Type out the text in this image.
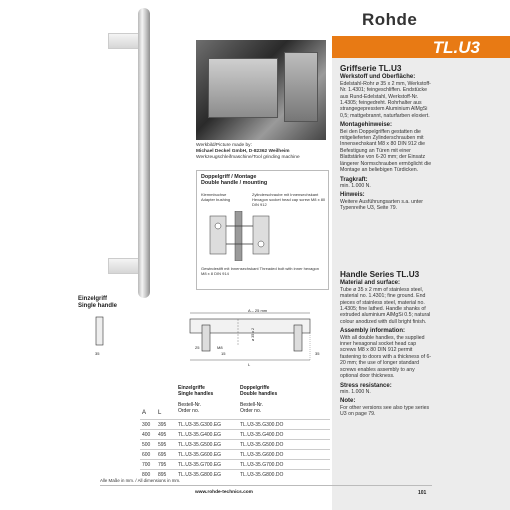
Werkbild/Picture made by:
Michael Deckel GmbH, D-82362 Weilheim
Werkzeugschleifmaschine/Tool grinding machine
Doppelgriff / Montage
Double handle / mounting
Klemmbuchse Adapter bushing
Zylinderschraube mit Innensechskant Hexagon socket head cap screw M8 x 80 DIN 912
Gewindestift mit Innensechskant Threaded bolt with inner hexagon M8 x 8 DIN 914
Einzelgriff
Single handle
A – 25 mm
L
35	35
M8
15
25
ø 35 x 2
Einzelgriffe
Single handles
Doppelgriffe
Double handles
A L
Bestell-Nr.
Order no.
Bestell-Nr.
Order no.
300 395 TL.U3-35.G300.EG	TL.U3-35.G300.DO
400 495 TL.U3-35.G400.EG	TL.U3-35.G400.DO
500 595 TL.U3-35.G500.EG	TL.U3-35.G500.DO
600 695 TL.U3-35.G600.EG	TL.U3-35.G600.DO
700 795 TL.U3-35.G700.EG	TL.U3-35.G700.DO
800 895 TL.U3-35.G800.EG	TL.U3-35.G800.DO
Rohde
TL.U3
Griffserie TL.U3
Werkstoff und Oberfläche:
Edelstahl-Rohr ø 35 x 2 mm, Werkstoff-Nr. 1.4301; feingeschliffen. Endstücke aus Rund-Edelstahl, Werkstoff-Nr. 1.4305; feingedreht. Rohrhalter aus strangegepresstem Aluminium AlMgSi 0,5; mattgebrannt, naturfarben eloxiert.
Montagehinweise:
Bei den Doppelgriffen gestatten die mitgelieferten Zylinderschrauben mit Innensechskant M8 x 80 DIN 912 die Befestigung an Türen mit einer Blattstärke von 6-20 mm; der Einsatz längerer Normschrauben ermöglicht die Montage an beliebigen Türdicken.
Tragkraft:
min. 1.000 N.
Hinweis:
Weitere Ausführungsarten s.a. unter Typenreihe U3, Seite 79.
Handle Series TL.U3
Material and surface:
Tube ø 35 x 2 mm of stainless steel, material no. 1.4301; fine ground. End pieces of stainless steel, material no. 1.4305; fine lathed. Handle shanks of extruded aluminium AlMgSi 0.5; natural colour anodized with dull bright finish.
Assembly information:
With all double handles, the supplied inner hexagonal socket head cap screws M8 x 80 DIN 912 permit fastening to doors with a thickness of 6-20 mm; the use of longer standard screws enables assembly to any optional door thickness.
Stress resistance:
min. 1.000 N.
Note:
For other versions see also type series U3 on page 79.
Alle Maße in mm. / All dimensions in mm.
www.rohde-technics.com	101
